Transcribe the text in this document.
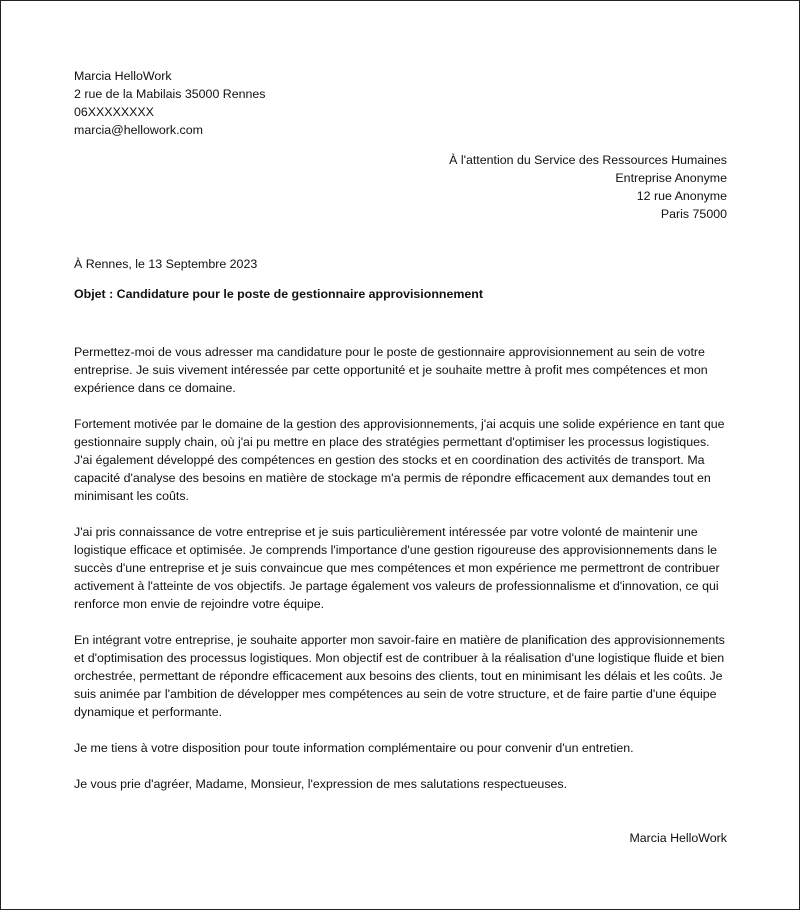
Marcia HelloWork
2 rue de la Mabilais 35000 Rennes
06XXXXXXXX
marcia@hellowork.com
À l'attention du Service des Ressources Humaines
Entreprise Anonyme
12 rue Anonyme
Paris 75000
À Rennes, le 13 Septembre 2023
Objet : Candidature pour le poste de gestionnaire approvisionnement

Permettez-moi de vous adresser ma candidature pour le poste de gestionnaire approvisionnement au sein de votre entreprise. Je suis vivement intéressée par cette opportunité et je souhaite mettre à profit mes compétences et mon expérience dans ce domaine.

Fortement motivée par le domaine de la gestion des approvisionnements, j'ai acquis une solide expérience en tant que gestionnaire supply chain, où j'ai pu mettre en place des stratégies permettant d'optimiser les processus logistiques. J'ai également développé des compétences en gestion des stocks et en coordination des activités de transport. Ma capacité d'analyse des besoins en matière de stockage m'a permis de répondre efficacement aux demandes tout en minimisant les coûts.

J'ai pris connaissance de votre entreprise et je suis particulièrement intéressée par votre volonté de maintenir une logistique efficace et optimisée. Je comprends l'importance d'une gestion rigoureuse des approvisionnements dans le succès d'une entreprise et je suis convaincue que mes compétences et mon expérience me permettront de contribuer activement à l'atteinte de vos objectifs. Je partage également vos valeurs de professionnalisme et d'innovation, ce qui renforce mon envie de rejoindre votre équipe.

En intégrant votre entreprise, je souhaite apporter mon savoir-faire en matière de planification des approvisionnements et d'optimisation des processus logistiques. Mon objectif est de contribuer à la réalisation d'une logistique fluide et bien orchestrée, permettant de répondre efficacement aux besoins des clients, tout en minimisant les délais et les coûts. Je suis animée par l'ambition de développer mes compétences au sein de votre structure, et de faire partie d'une équipe dynamique et performante.

Je me tiens à votre disposition pour toute information complémentaire ou pour convenir d'un entretien.

Je vous prie d'agréer, Madame, Monsieur, l'expression de mes salutations respectueuses.

Marcia HelloWork
